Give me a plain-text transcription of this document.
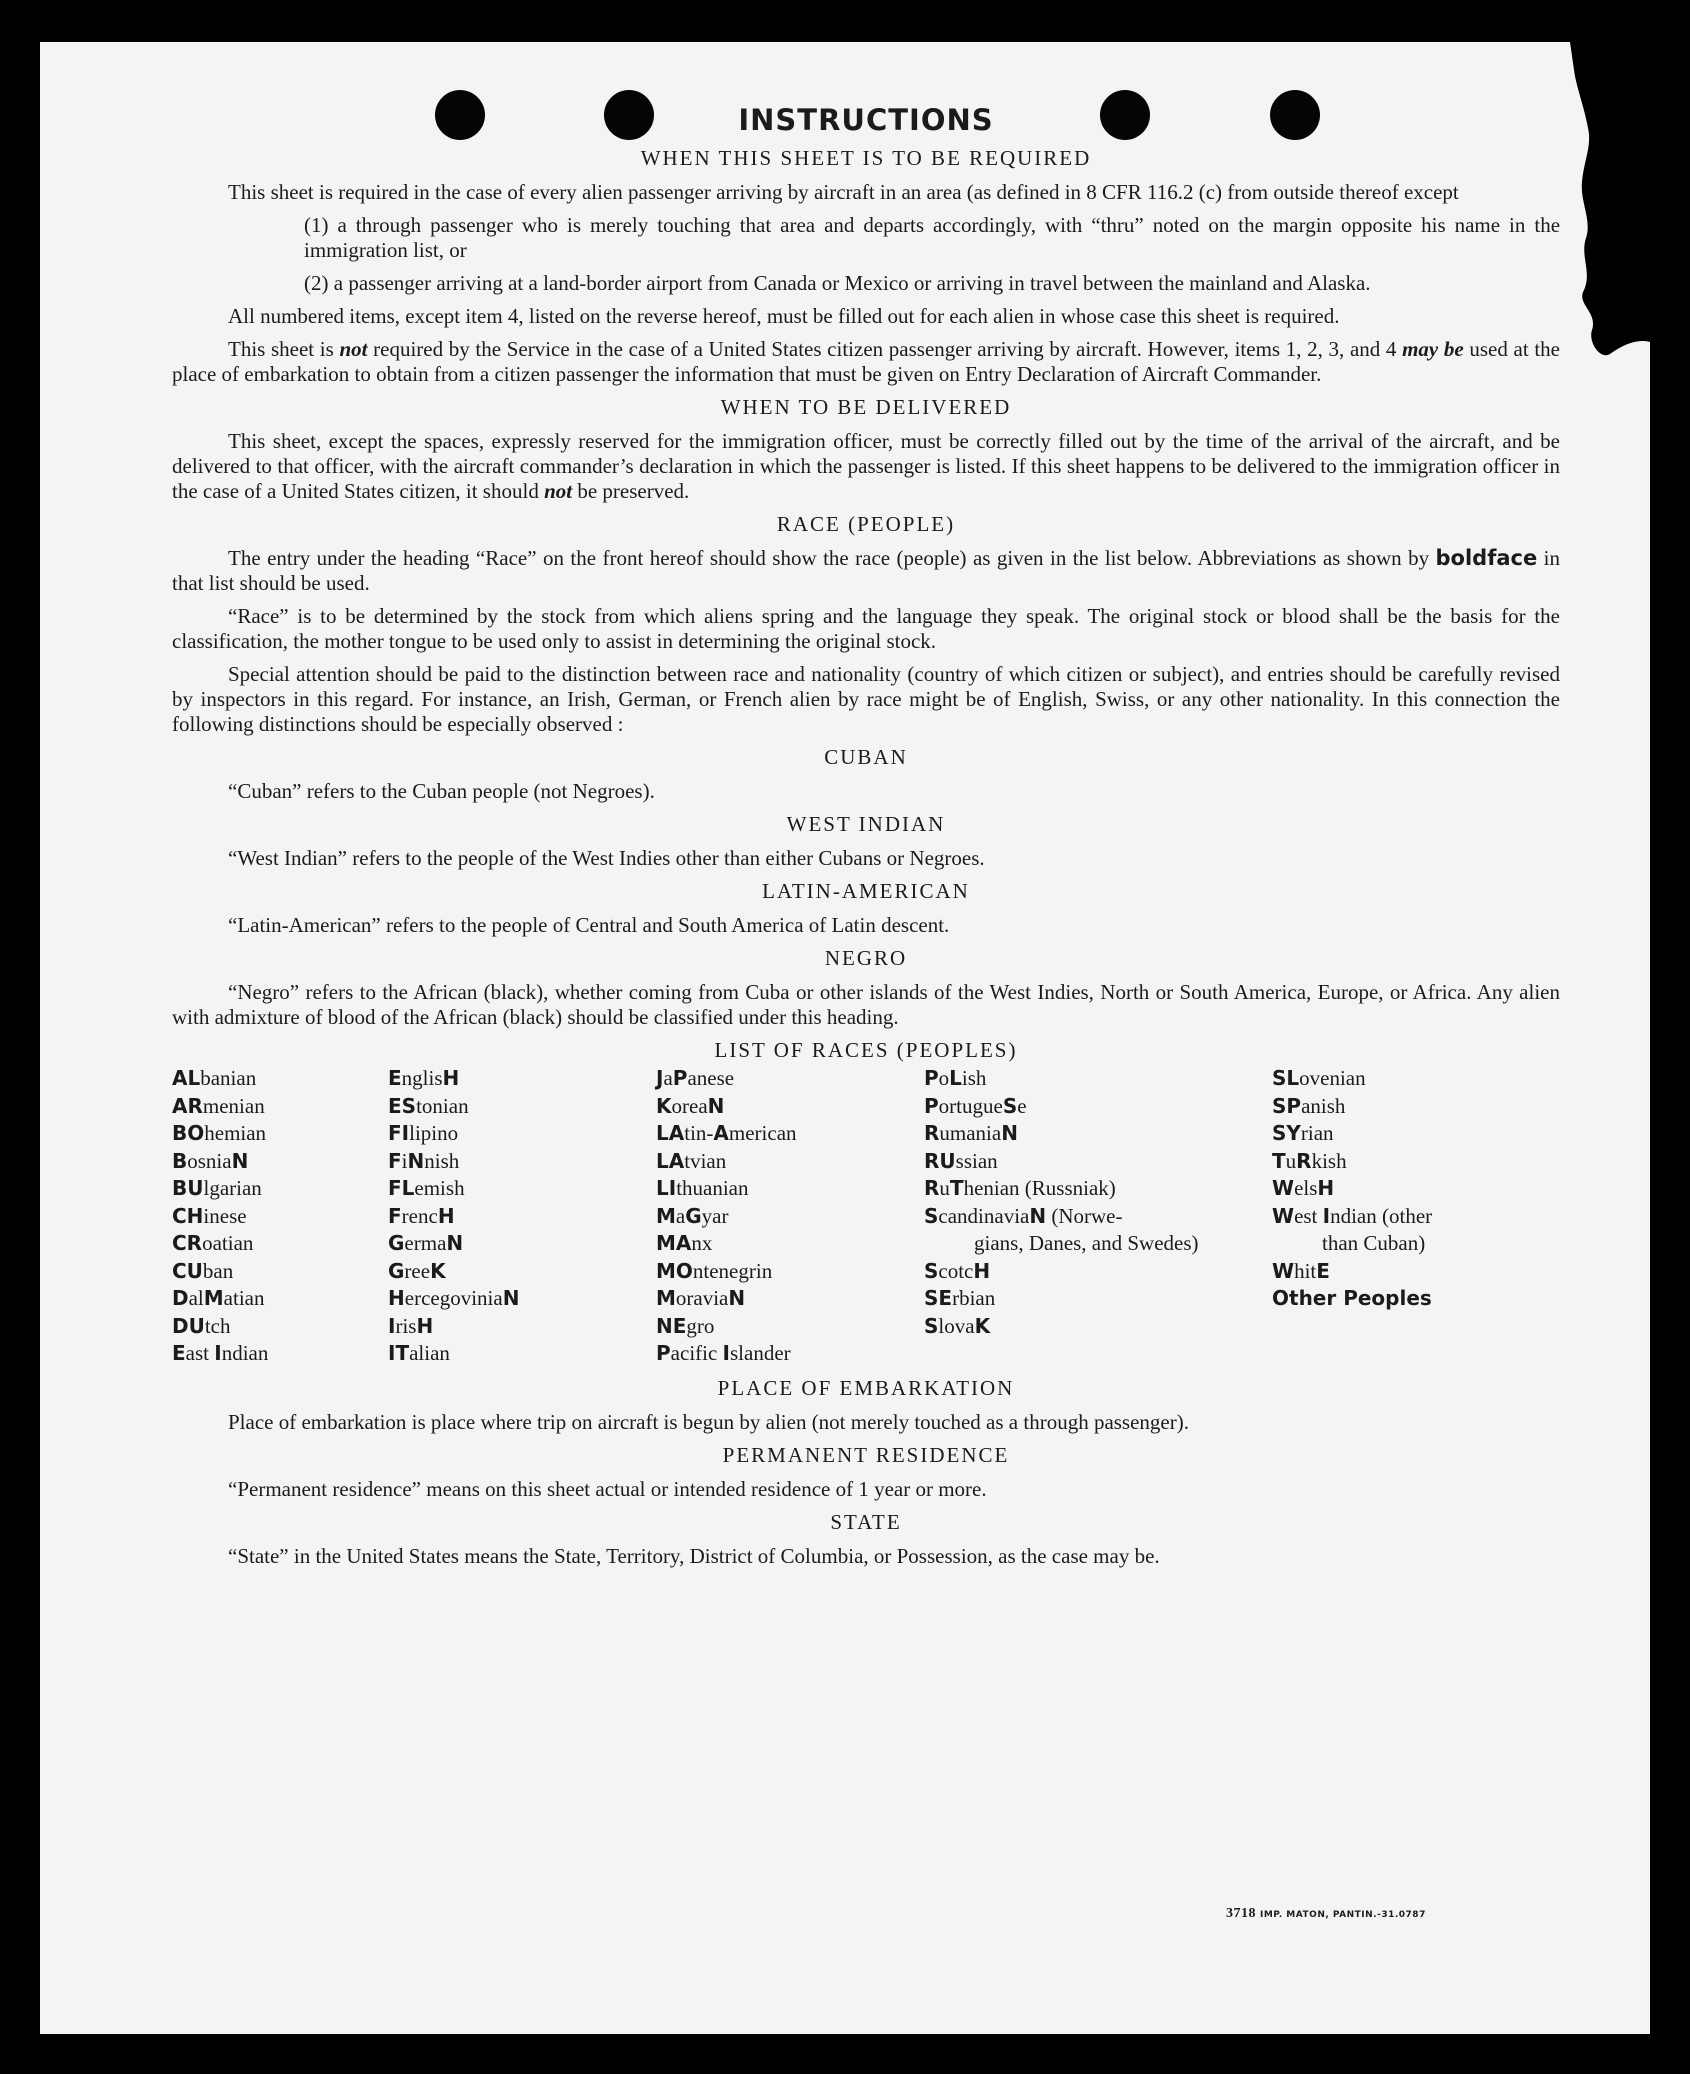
INSTRUCTIONS
WHEN THIS SHEET IS TO BE REQUIRED

This sheet is required in the case of every alien passenger arriving by aircraft in an area (as defined in 8 CFR 116.2 (c) from outside thereof except

(1) a through passenger who is merely touching that area and departs accordingly, with “thru” noted on the margin opposite his name in the immigration list, or

(2) a passenger arriving at a land-border airport from Canada or Mexico or arriving in travel between the mainland and Alaska.

All numbered items, except item 4, listed on the reverse hereof, must be filled out for each alien in whose case this sheet is required.

This sheet is not required by the Service in the case of a United States citizen passenger arriving by aircraft. However, items 1, 2, 3, and 4 may be used at the place of embarkation to obtain from a citizen passenger the information that must be given on Entry Declaration of Aircraft Commander.

WHEN TO BE DELIVERED

This sheet, except the spaces, expressly reserved for the immigration officer, must be correctly filled out by the time of the arrival of the aircraft, and be delivered to that officer, with the aircraft commander’s declaration in which the passenger is listed. If this sheet happens to be delivered to the immigration officer in the case of a United States citizen, it should not be preserved.

RACE (PEOPLE)

The entry under the heading “Race” on the front hereof should show the race (people) as given in the list below. Abbreviations as shown by boldface in that list should be used.

“Race” is to be determined by the stock from which aliens spring and the language they speak. The original stock or blood shall be the basis for the classification, the mother tongue to be used only to assist in determining the original stock.

Special attention should be paid to the distinction between race and nationality (country of which citizen or subject), and entries should be carefully revised by inspectors in this regard. For instance, an Irish, German, or French alien by race might be of English, Swiss, or any other nationality. In this connection the following distinctions should be especially observed :

CUBAN

“Cuban” refers to the Cuban people (not Negroes).

WEST INDIAN

“West Indian” refers to the people of the West Indies other than either Cubans or Negroes.

LATIN-AMERICAN

“Latin-American” refers to the people of Central and South America of Latin descent.

NEGRO

“Negro” refers to the African (black), whether coming from Cuba or other islands of the West Indies, North or South America, Europe, or Africa. Any alien with admixture of blood of the African (black) should be classified under this heading.

LIST OF RACES (PEOPLES)
ALbanian
ARmenian
BOhemian
BosniaN
BUlgarian
CHinese
CRoatian
CUban
DalMatian
DUtch
East Indian
EnglisH
EStonian
FIlipino
FiNnish
FLemish
FrencH
GermaN
GreeK
HercegoviniaN
IrisH
ITalian
JaPanese
KoreaN
LAtin-American
LAtvian
LIthuanian
MaGyar
MAnx
MOntenegrin
MoraviaN
NEgro
Pacific Islander
PoLish
PortugueSe
RumaniaN
RUssian
RuThenian (Russniak)
ScandinaviaN (Norwe-
gians, Danes, and Swedes)
ScotcH
SErbian
SlovaK
SLovenian
SPanish
SYrian
TuRkish
WelsH
West Indian (other
than Cuban)
WhitE
Other Peoples
PLACE OF EMBARKATION

Place of embarkation is place where trip on aircraft is begun by alien (not merely touched as a through passenger).

PERMANENT RESIDENCE

“Permanent residence” means on this sheet actual or intended residence of 1 year or more.

STATE

“State” in the United States means the State, Territory, District of Columbia, or Possession, as the case may be.

3718 IMP. MATON, PANTIN.-31.0787
